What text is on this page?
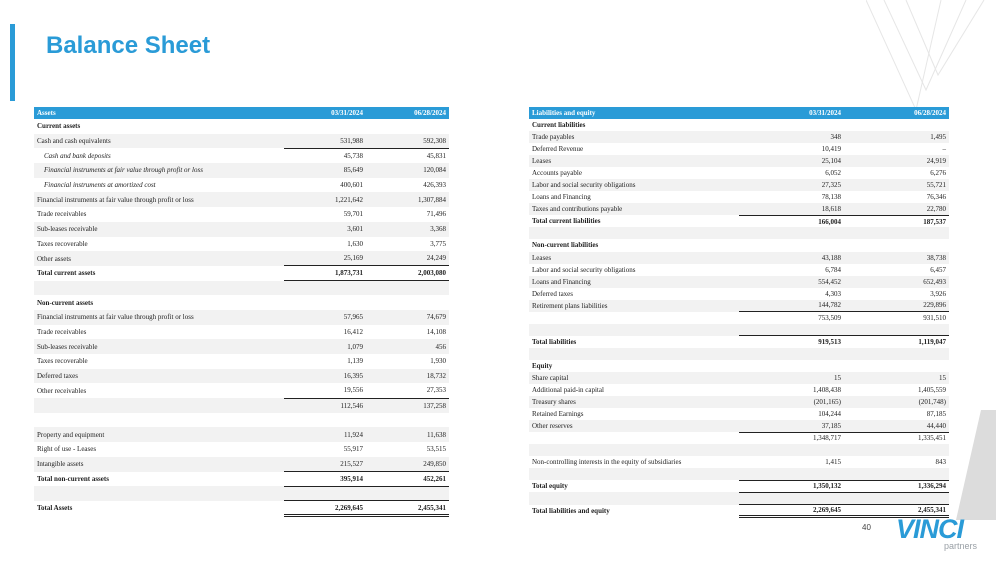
Balance Sheet
Assets	03/31/2024	06/28/2024
Current assets		
Cash and cash equivalents	531,988	592,308
Cash and bank deposits	45,738	45,831
Financial instruments at fair value through profit or loss	85,649	120,084
Financial instruments at amortized cost	400,601	426,393
Financial instruments at fair value through profit or loss	1,221,642	1,307,884
Trade receivables	59,701	71,496
Sub-leases receivable	3,601	3,368
Taxes recoverable	1,630	3,775
Other assets	25,169	24,249
Total current assets	1,873,731	2,003,080

Non-current assets		
Financial instruments at fair value through profit or loss	57,965	74,679
Trade receivables	16,412	14,108
Sub-leases receivable	1,079	456
Taxes recoverable	1,139	1,930
Deferred taxes	16,395	18,732
Other receivables	19,556	27,353
	112,546	137,258

Property and equipment	11,924	11,638
Right of use - Leases	55,917	53,515
Intangible assets	215,527	249,850
Total non-current assets	395,914	452,261

Total Assets	2,269,645	2,455,341
Liabilities and equity	03/31/2024	06/28/2024
Current liabilities		
Trade payables	348	1,495
Deferred Revenue	10,419	–
Leases	25,104	24,919
Accounts payable	6,052	6,276
Labor and social security obligations	27,325	55,721
Loans and Financing	78,138	76,346
Taxes and contributions payable	18,618	22,780
Total current liabilities	166,004	187,537

Non-current liabilities		
Leases	43,188	38,738
Labor and social security obligations	6,784	6,457
Loans and Financing	554,452	652,493
Deferred taxes	4,303	3,926
Retirement plans liabilities	144,782	229,896
	753,509	931,510

Total liabilities	919,513	1,119,047

Equity		
Share capital	15	15
Additional paid-in capital	1,408,438	1,405,559
Treasury shares	(201,165)	(201,748)
Retained Earnings	104,244	87,185
Other reserves	37,185	44,440
	1,348,717	1,335,451

Non-controlling interests in the equity of subsidiaries	1,415	843

Total equity	1,350,132	1,336,294

Total liabilities and equity	2,269,645	2,455,341
40 VINCI
partners
